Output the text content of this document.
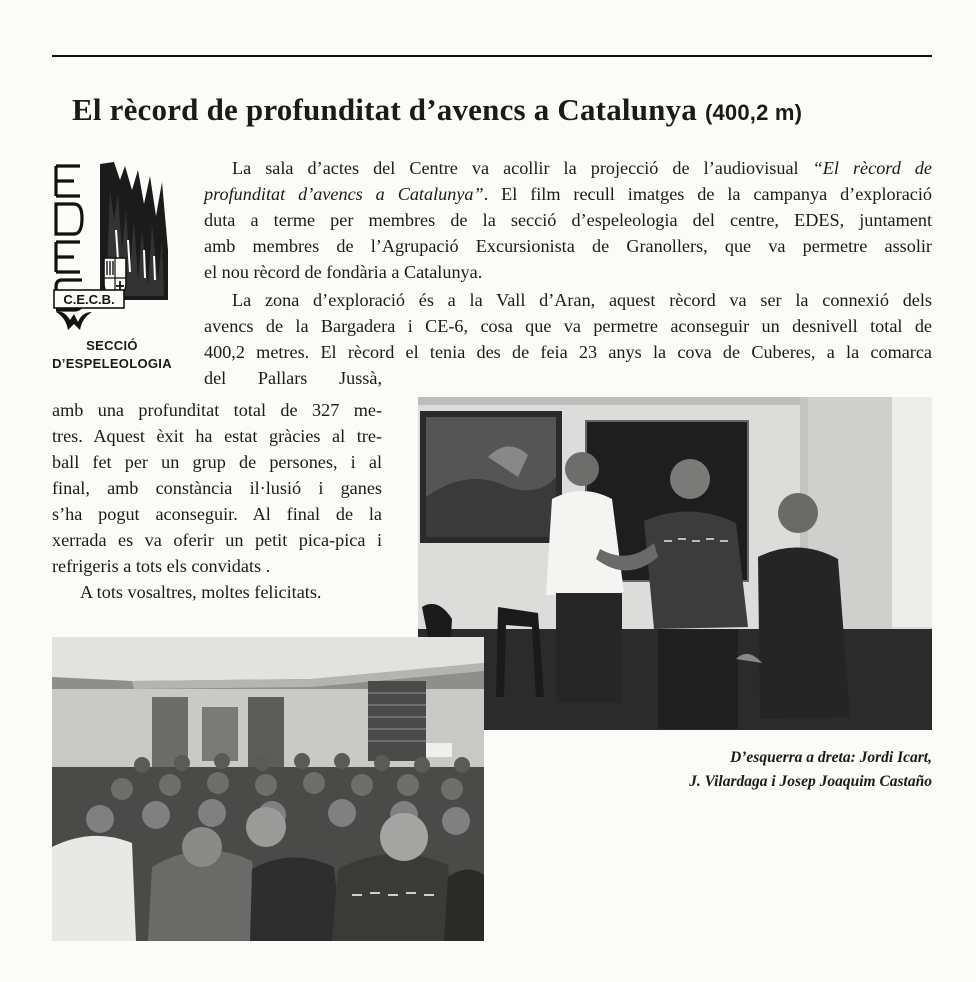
El rècord de profunditat d’avencs a Catalunya (400,2 m)
C.E.C.B.
SECCIÓ
D’ESPELEOLOGIA
La sala d’actes del Centre va acollir la projecció de l’audiovisual “El rècord de
profunditat d’avencs a Catalunya”. El film recull imatges de la campanya d’exploració
duta a terme per membres de la secció d’espeleologia del centre, EDES, juntament
amb membres de l’Agrupació Excursionista de Granollers, que va permetre assolir
el nou rècord de fondària a Catalunya.
La zona d’exploració és a la Vall d’Aran, aquest rècord va ser la connexió dels
avencs de la Bargadera i CE-6, cosa que va permetre aconseguir un desnivell total de
400,2 metres. El rècord el tenia des de feia 23 anys la cova de Cuberes, a la comarca
del Pallars Jussà,
amb una profunditat total de 327 me-
tres. Aquest èxit ha estat gràcies al tre-
ball fet per un grup de persones, i al
final, amb constància il·lusió i ganes
s’ha pogut aconseguir. Al final de la
xerrada es va oferir un petit pica-pica i
refrigeris a tots els convidats .
A tots vosaltres, moltes felicitats.
D’esquerra a dreta: Jordi Icart,
J. Vilardaga i Josep Joaquim Castaño
